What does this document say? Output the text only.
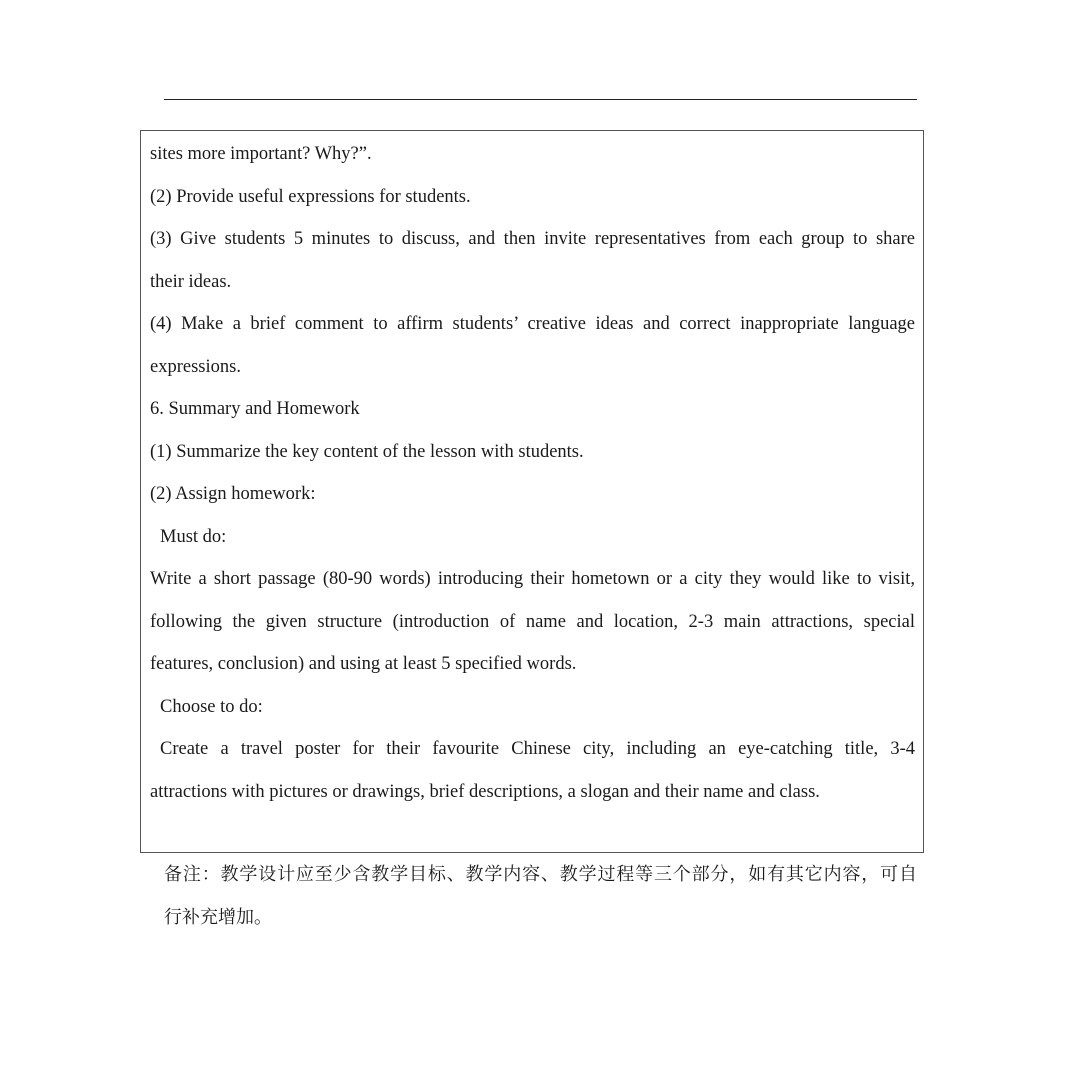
sites more important? Why?”.
(2) Provide useful expressions for students.
(3) Give students 5 minutes to discuss, and then invite representatives from each group to share
their ideas.
(4) Make a brief comment to affirm students’ creative ideas and correct inappropriate language
expressions.
6. Summary and Homework
(1) Summarize the key content of the lesson with students.
(2) Assign homework:
Must do:
Write a short passage (80-90 words) introducing their hometown or a city they would like to visit,
following the given structure (introduction of name and location, 2-3 main attractions, special
features, conclusion) and using at least 5 specified words.
Choose to do:
Create a travel poster for their favourite Chinese city, including an eye-catching title, 3-4
attractions with pictures or drawings, brief descriptions, a slogan and their name and class.
备注：教学设计应至少含教学目标、教学内容、教学过程等三个部分，如有其它内容，可自
行补充增加。
